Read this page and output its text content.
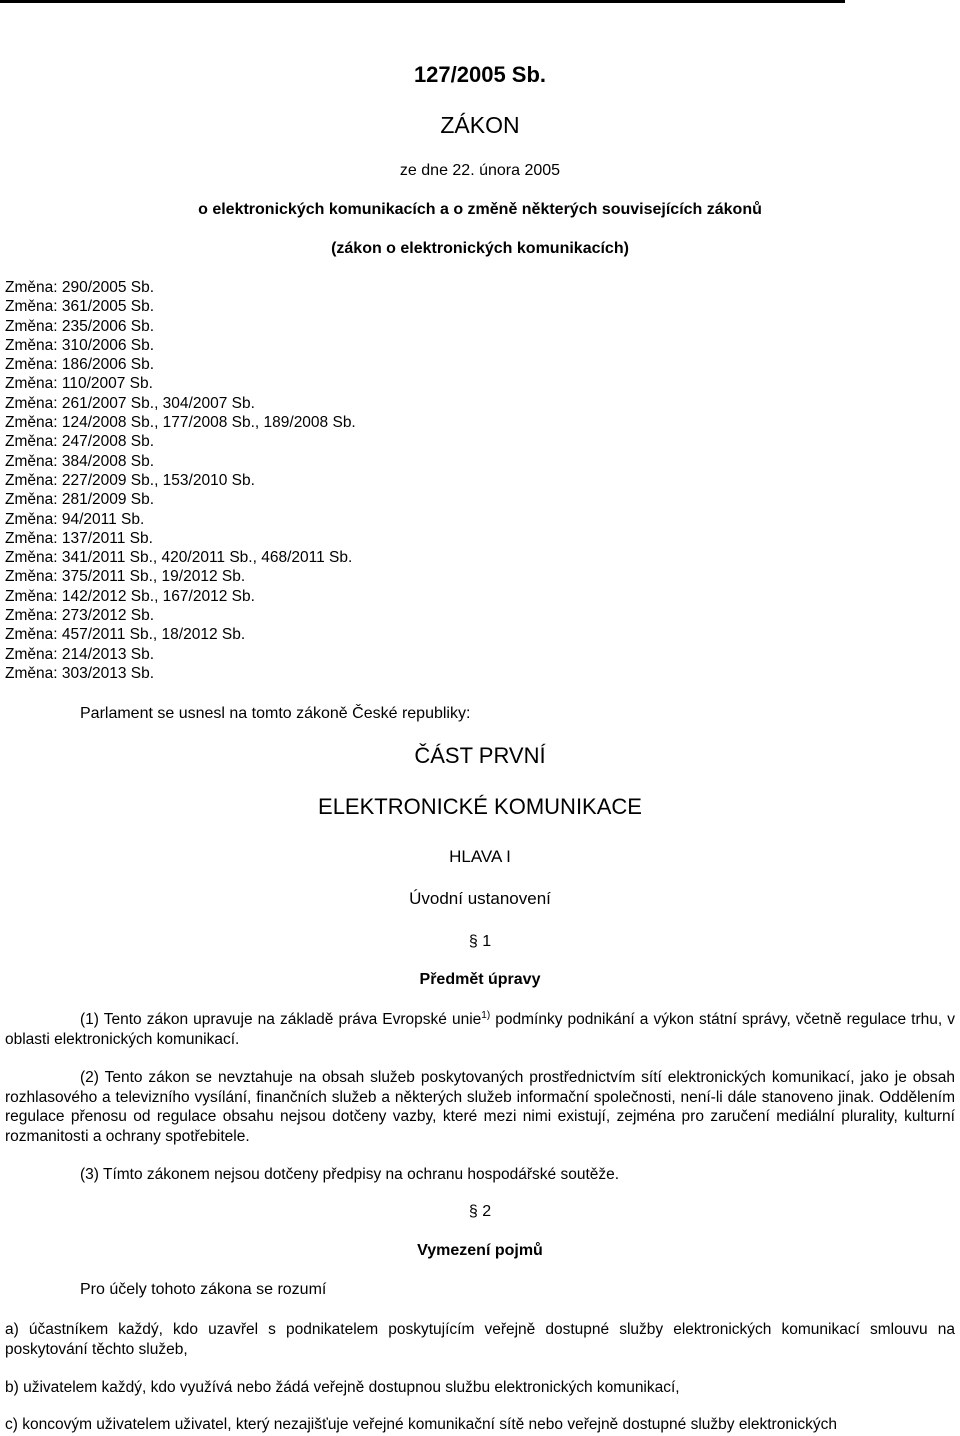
127/2005 Sb.
ZÁKON
ze dne 22. února 2005
o elektronických komunikacích a o změně některých souvisejících zákonů
(zákon o elektronických komunikacích)
Změna: 290/2005 Sb.
Změna: 361/2005 Sb.
Změna: 235/2006 Sb.
Změna: 310/2006 Sb.
Změna: 186/2006 Sb.
Změna: 110/2007 Sb.
Změna: 261/2007 Sb., 304/2007 Sb.
Změna: 124/2008 Sb., 177/2008 Sb., 189/2008 Sb.
Změna: 247/2008 Sb.
Změna: 384/2008 Sb.
Změna: 227/2009 Sb., 153/2010 Sb.
Změna: 281/2009 Sb.
Změna: 94/2011 Sb.
Změna: 137/2011 Sb.
Změna: 341/2011 Sb., 420/2011 Sb., 468/2011 Sb.
Změna: 375/2011 Sb., 19/2012 Sb.
Změna: 142/2012 Sb., 167/2012 Sb.
Změna: 273/2012 Sb.
Změna: 457/2011 Sb., 18/2012 Sb.
Změna: 214/2013 Sb.
Změna: 303/2013 Sb.
Parlament se usnesl na tomto zákoně České republiky:
ČÁST PRVNÍ
ELEKTRONICKÉ KOMUNIKACE
HLAVA I
Úvodní ustanovení
§ 1
Předmět úpravy
(1) Tento zákon upravuje na základě práva Evropské unie$^{1)}$ podmínky podnikání a výkon státní správy, včetně regulace trhu, v oblasti elektronických komunikací.
(2) Tento zákon se nevztahuje na obsah služeb poskytovaných prostřednictvím sítí elektronických komunikací, jako je obsah rozhlasového a televizního vysílání, finančních služeb a některých služeb informační společnosti, není-li dále stanoveno jinak. Oddělením regulace přenosu od regulace obsahu nejsou dotčeny vazby, které mezi nimi existují, zejména pro zaručení mediální plurality, kulturní rozmanitosti a ochrany spotřebitele.
(3) Tímto zákonem nejsou dotčeny předpisy na ochranu hospodářské soutěže.
§ 2
Vymezení pojmů
Pro účely tohoto zákona se rozumí
a) účastníkem každý, kdo uzavřel s podnikatelem poskytujícím veřejně dostupné služby elektronických komunikací smlouvu na poskytování těchto služeb,
b) uživatelem každý, kdo využívá nebo žádá veřejně dostupnou službu elektronických komunikací,
c) koncovým uživatelem uživatel, který nezajišťuje veřejné komunikační sítě nebo veřejně dostupné služby elektronických
